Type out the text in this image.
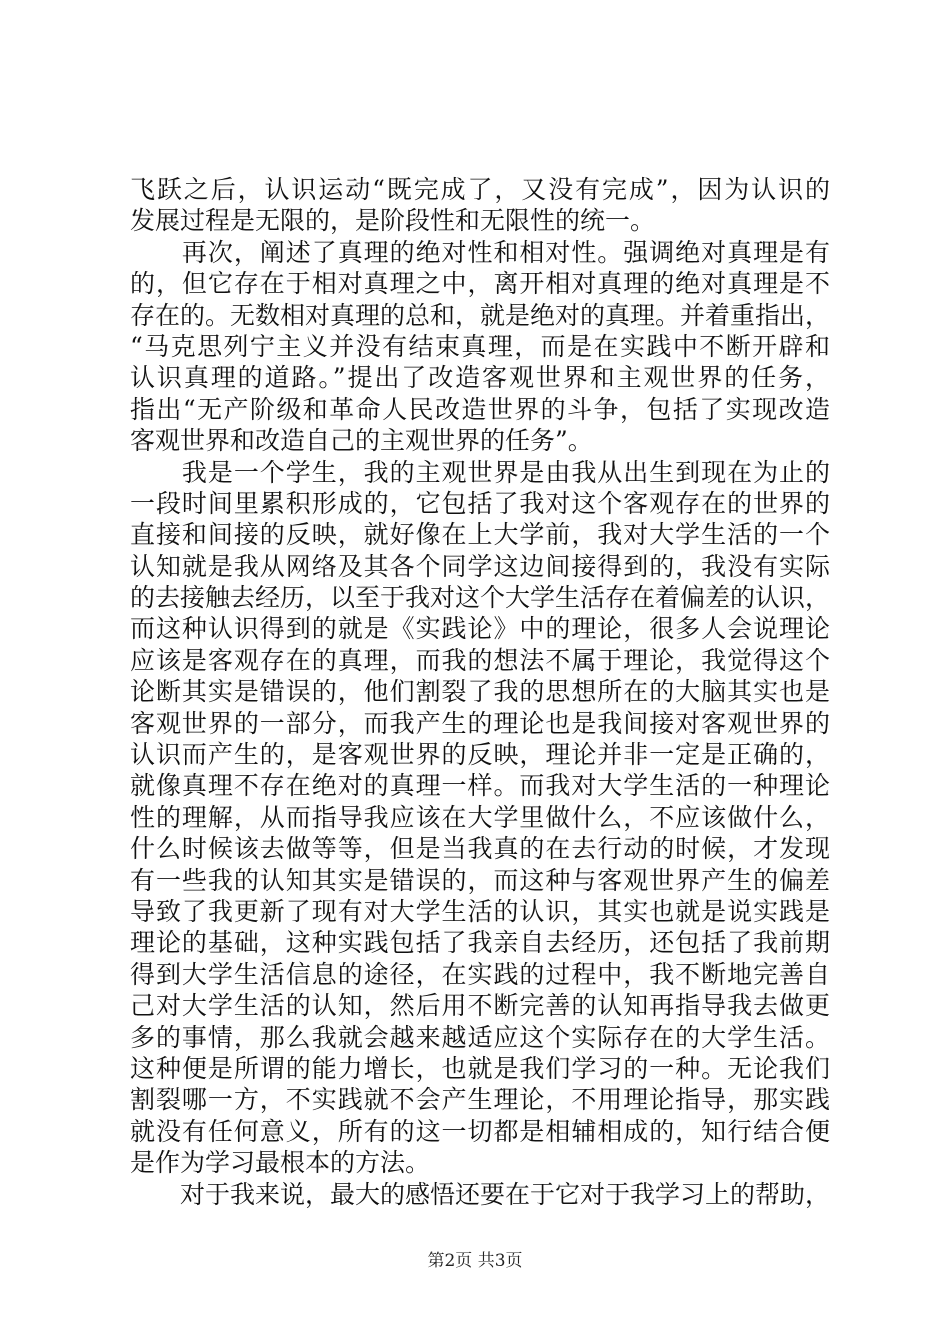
飞跃之后，认识运动“既完成了，又没有完成”，因为认识的
发展过程是无限的，是阶段性和无限性的统一。
　　再次，阐述了真理的绝对性和相对性。强调绝对真理是有
的，但它存在于相对真理之中，离开相对真理的绝对真理是不
存在的。无数相对真理的总和，就是绝对的真理。并着重指出，
“马克思列宁主义并没有结束真理，而是在实践中不断开辟和
认识真理的道路。”提出了改造客观世界和主观世界的任务，
指出“无产阶级和革命人民改造世界的斗争，包括了实现改造
客观世界和改造自己的主观世界的任务”。
　　我是一个学生，我的主观世界是由我从出生到现在为止的
一段时间里累积形成的，它包括了我对这个客观存在的世界的
直接和间接的反映，就好像在上大学前，我对大学生活的一个
认知就是我从网络及其各个同学这边间接得到的，我没有实际
的去接触去经历，以至于我对这个大学生活存在着偏差的认识，
而这种认识得到的就是《实践论》中的理论，很多人会说理论
应该是客观存在的真理，而我的想法不属于理论，我觉得这个
论断其实是错误的，他们割裂了我的思想所在的大脑其实也是
客观世界的一部分，而我产生的理论也是我间接对客观世界的
认识而产生的，是客观世界的反映，理论并非一定是正确的，
就像真理不存在绝对的真理一样。而我对大学生活的一种理论
性的理解，从而指导我应该在大学里做什么，不应该做什么，
什么时候该去做等等，但是当我真的在去行动的时候，才发现
有一些我的认知其实是错误的，而这种与客观世界产生的偏差
导致了我更新了现有对大学生活的认识，其实也就是说实践是
理论的基础，这种实践包括了我亲自去经历，还包括了我前期
得到大学生活信息的途径，在实践的过程中，我不断地完善自
己对大学生活的认知，然后用不断完善的认知再指导我去做更
多的事情，那么我就会越来越适应这个实际存在的大学生活。
这种便是所谓的能力增长，也就是我们学习的一种。无论我们
割裂哪一方，不实践就不会产生理论，不用理论指导，那实践
就没有任何意义，所有的这一切都是相辅相成的，知行结合便
是作为学习最根本的方法。
　　对于我来说，最大的感悟还要在于它对于我学习上的帮助，
第2页 共3页
